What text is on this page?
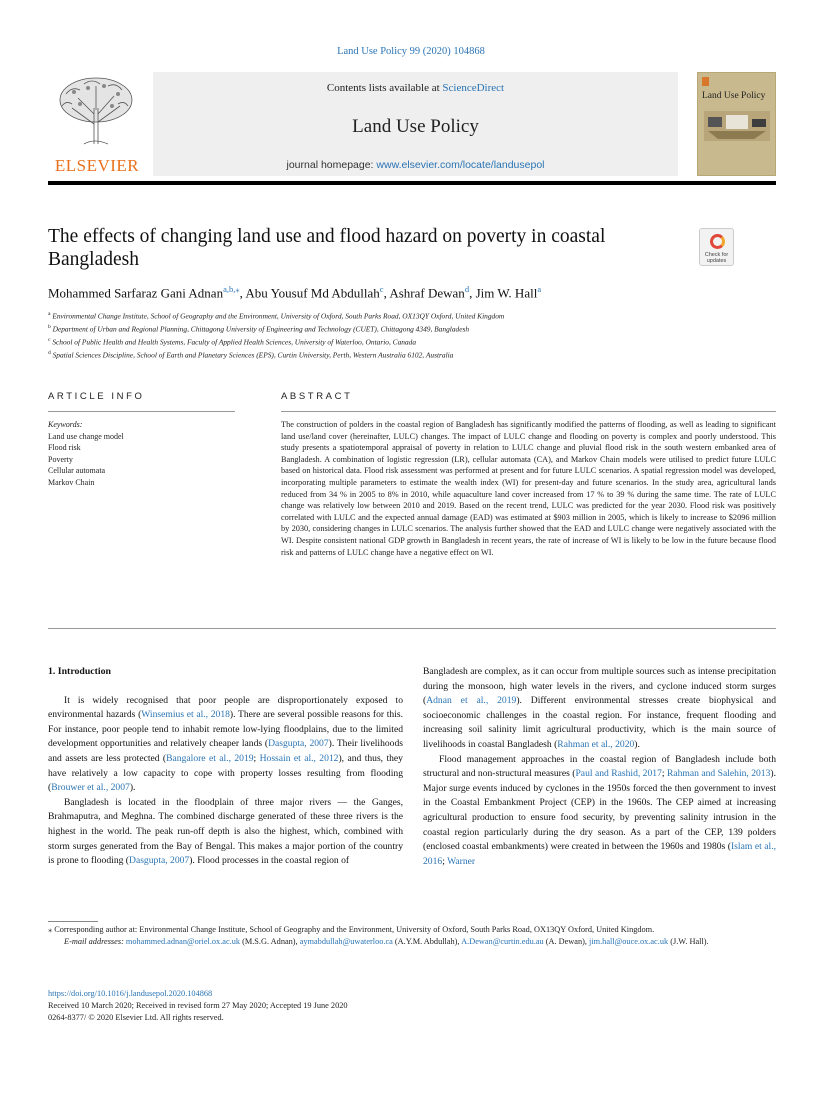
Land Use Policy 99 (2020) 104868
ELSEVIER
Contents lists available at ScienceDirect
Land Use Policy
journal homepage: www.elsevier.com/locate/landusepol
Land Use Policy
The effects of changing land use and flood hazard on poverty in coastal Bangladesh	Check for
updates
Mohammed Sarfaraz Gani Adnan$^{a,b,⁎}$, Abu Yousuf Md Abdullah$^c$, Ashraf Dewan$^d$, Jim W. Hall$^a$
$^a$ Environmental Change Institute, School of Geography and the Environment, University of Oxford, South Parks Road, OX13QY Oxford, United Kingdom
$^b$ Department of Urban and Regional Planning, Chittagong University of Engineering and Technology (CUET), Chittagong 4349, Bangladesh
$^c$ School of Public Health and Health Systems, Faculty of Applied Health Sciences, University of Waterloo, Ontario, Canada
$^d$ Spatial Sciences Discipline, School of Earth and Planetary Sciences (EPS), Curtin University, Perth, Western Australia 6102, Australia
ARTICLE INFO
Keywords:
Land use change model
Flood risk
Poverty
Cellular automata
Markov Chain
ABSTRACT
The construction of polders in the coastal region of Bangladesh has significantly modified the patterns of flooding, as well as leading to significant land use/land cover (hereinafter, LULC) changes. The impact of LULC change and flooding on poverty is complex and poorly understood. This study presents a spatiotemporal appraisal of poverty in relation to LULC change and pluvial flood risk in the south western embanked area of Bangladesh. A combination of logistic regression (LR), cellular automata (CA), and Markov Chain models were utilised to predict future LULC based on historical data. Flood risk assessment was performed at present and for future LULC scenarios. A spatial regression model was developed, incorporating multiple parameters to estimate the wealth index (WI) for present-day and future scenarios. In the study area, agricultural lands reduced from 34 % in 2005 to 8% in 2010, while aquaculture land cover increased from 17 % to 39 % during the same time. The rate of LULC change was relatively low between 2010 and 2019. Based on the recent trend, LULC was predicted for the year 2030. Flood risk was positively correlated with LULC and the expected annual damage (EAD) was estimated at $903 million in 2005, which is likely to increase to $2096 million by 2030, considering changes in LULC scenarios. The analysis further showed that the EAD and LULC change were negatively associated with the WI. Despite consistent national GDP growth in Bangladesh in recent years, the rate of increase of WI is likely to be low in the future because flood risk and patterns of LULC change have a negative effect on WI.
1. Introduction

It is widely recognised that poor people are disproportionately exposed to environmental hazards (Winsemius et al., 2018). There are several possible reasons for this. For instance, poor people tend to inhabit remote low-lying floodplains, due to the limited development opportunities and relatively cheaper lands (Dasgupta, 2007). Their livelihoods and assets are less protected (Bangalore et al., 2019; Hossain et al., 2012), and thus, they have relatively a low capacity to cope with property losses resulting from flooding (Brouwer et al., 2007).

Bangladesh is located in the floodplain of three major rivers — the Ganges, Brahmaputra, and Meghna. The combined discharge generated of these three rivers is the highest in the world. The peak run-off depth is also the highest, which, combined with storm surges generated from the Bay of Bengal. This makes a major portion of the country is prone to flooding (Dasgupta, 2007). Flood processes in the coastal region of

Bangladesh are complex, as it can occur from multiple sources such as intense precipitation during the monsoon, high water levels in the rivers, and cyclone induced storm surges (Adnan et al., 2019). Different environmental stresses create biophysical and socioeconomic challenges in the coastal region. For instance, frequent flooding and increasing soil salinity limit agricultural productivity, which is the main source of livelihoods in coastal Bangladesh (Rahman et al., 2020).

Flood management approaches in the coastal region of Bangladesh include both structural and non-structural measures (Paul and Rashid, 2017; Rahman and Salehin, 2013). Major surge events induced by cyclones in the 1950s forced the then government to invest in the Coastal Embankment Project (CEP) in the 1960s. The CEP aimed at increasing agricultural production to ensure food security, by preventing salinity intrusion in the coastal region particularly during the dry season. As a part of the CEP, 139 polders (enclosed coastal embankments) were created in between the 1960s and 1980s (Islam et al., 2016; Warner

⁎ Corresponding author at: Environmental Change Institute, School of Geography and the Environment, University of Oxford, South Parks Road, OX13QY Oxford, United Kingdom.
E-mail addresses: mohammed.adnan@oriel.ox.ac.uk (M.S.G. Adnan), aymabdullah@uwaterloo.ca (A.Y.M. Abdullah), A.Dewan@curtin.edu.au (A. Dewan), jim.hall@ouce.ox.ac.uk (J.W. Hall).
https://doi.org/10.1016/j.landusepol.2020.104868
Received 10 March 2020; Received in revised form 27 May 2020; Accepted 19 June 2020
0264-8377/ © 2020 Elsevier Ltd. All rights reserved.
